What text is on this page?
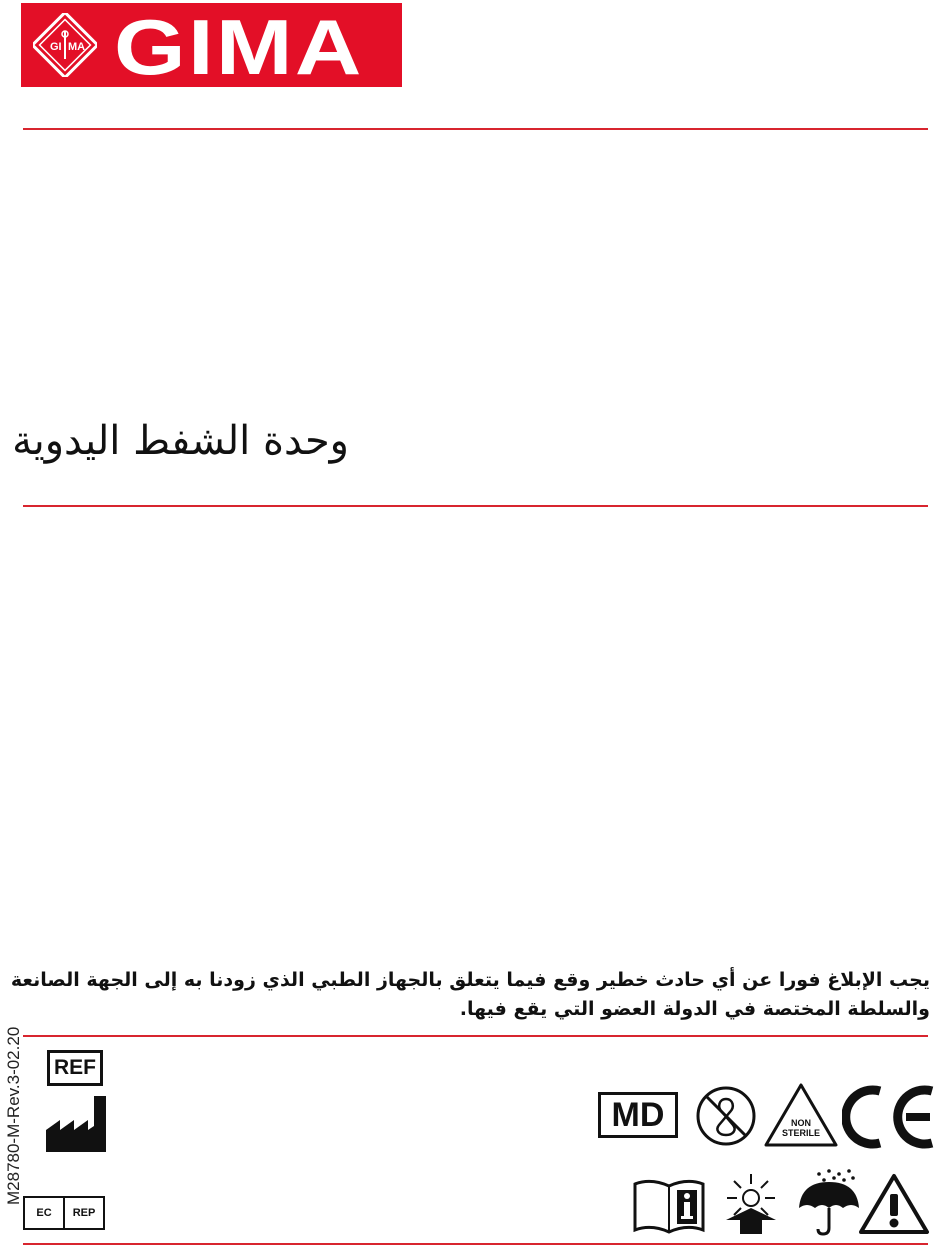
GI MA GIMA
وحدة الشفط اليدوية
يجب الإبلاغ فورا عن أي حادث خطير وقع فيما يتعلق بالجهاز الطبي الذي زودنا به إلى الجهة الصانعة
والسلطة المختصة في الدولة العضو التي يقع فيها.
M28780-M-Rev.3-02.20	REF
EC	REP
MD	NON
STERILE
